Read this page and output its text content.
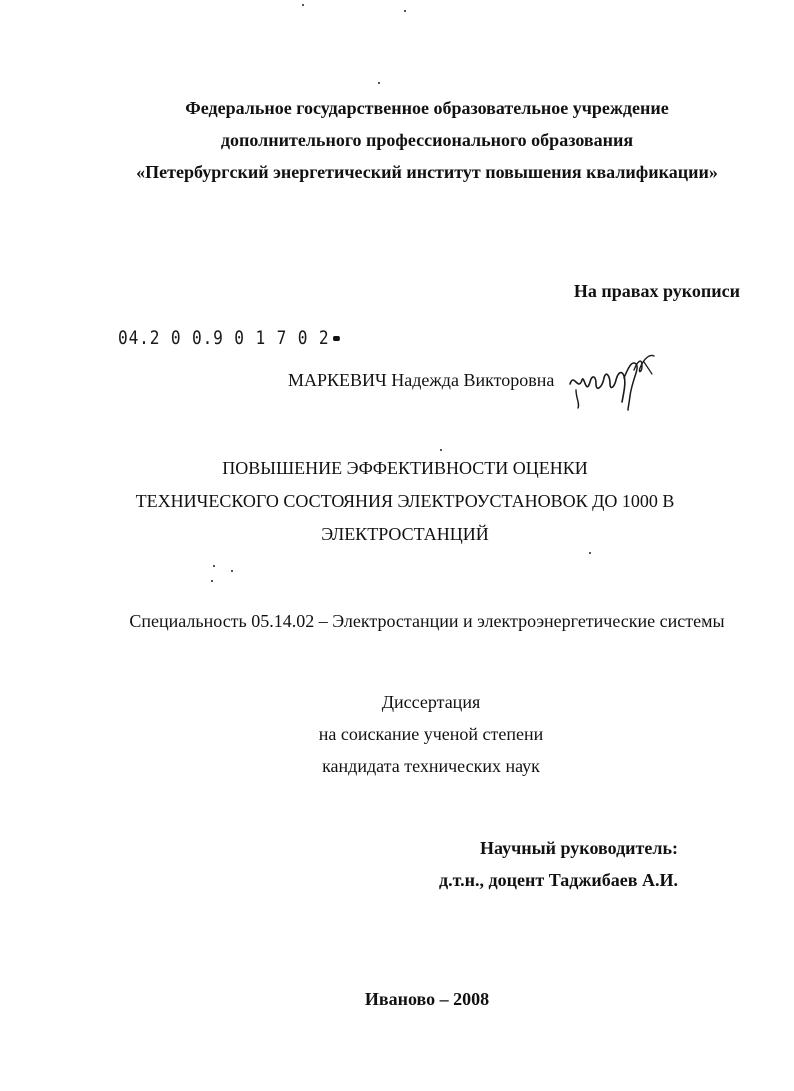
Федеральное государственное образовательное учреждение
дополнительного профессионального образования
«Петербургский энергетический институт повышения квалификации»
На правах рукописи
04.2 0 0.9 0 1 7 0 2
МАРКЕВИЧ Надежда Викторовна
ПОВЫШЕНИЕ ЭФФЕКТИВНОСТИ ОЦЕНКИ
ТЕХНИЧЕСКОГО СОСТОЯНИЯ ЭЛЕКТРОУСТАНОВОК ДО 1000 В
ЭЛЕКТРОСТАНЦИЙ
Специальность 05.14.02 – Электростанции и электроэнергетические системы
Диссертация
на соискание ученой степени
кандидата технических наук
Научный руководитель:
д.т.н., доцент Таджибаев А.И.
Иваново – 2008
